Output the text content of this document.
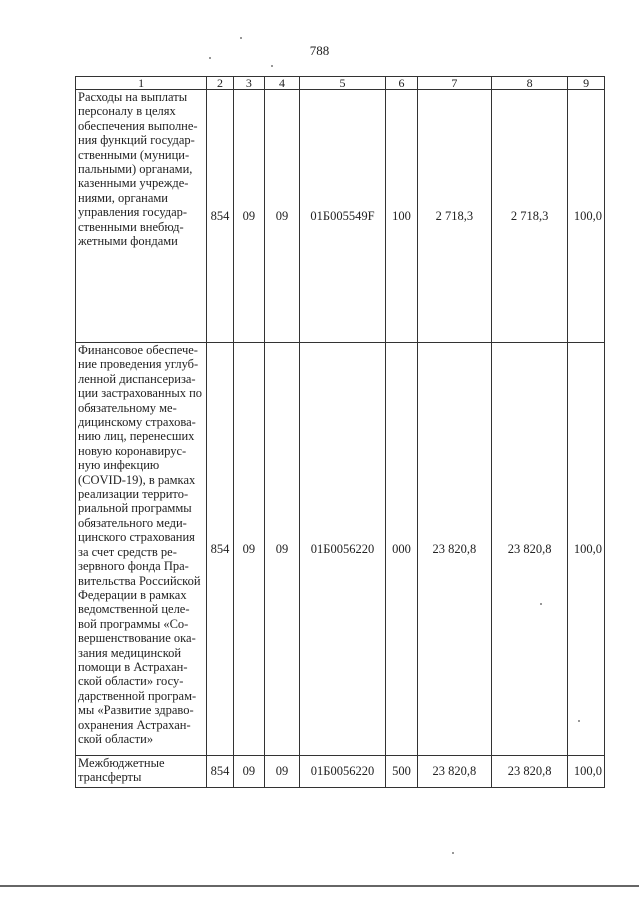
788
1	2	3	4	5	6	7	8	9
Расходы на выплаты персоналу в целях обеспечения выполне-ния функций государ-ственными (муници-пальными) органами, казенными учрежде-ниями, органами управления государ-ственными внебюд-жетными фондами	854	09	09	01Б005549F	100	2 718,3	2 718,3	100,0
Финансовое обеспече-ние проведения углуб-ленной диспансериза-ции застрахованных по обязательному ме-дицинскому страхова-нию лиц, перенесших новую коронавирус-ную инфекцию (COVID-19), в рамках реализации террито-риальной программы обязательного меди-цинского страхования за счет средств ре-зервного фонда Пра-вительства Российской Федерации в рамках ведомственной целе-вой программы «Со-вершенствование ока-зания медицинской помощи в Астрахан-ской области» госу-дарственной програм-мы «Развитие здраво-охранения Астрахан-ской области»	854	09	09	01Б0056220	000	23 820,8	23 820,8	100,0
Межбюджетные трансферты	854	09	09	01Б0056220	500	23 820,8	23 820,8	100,0
